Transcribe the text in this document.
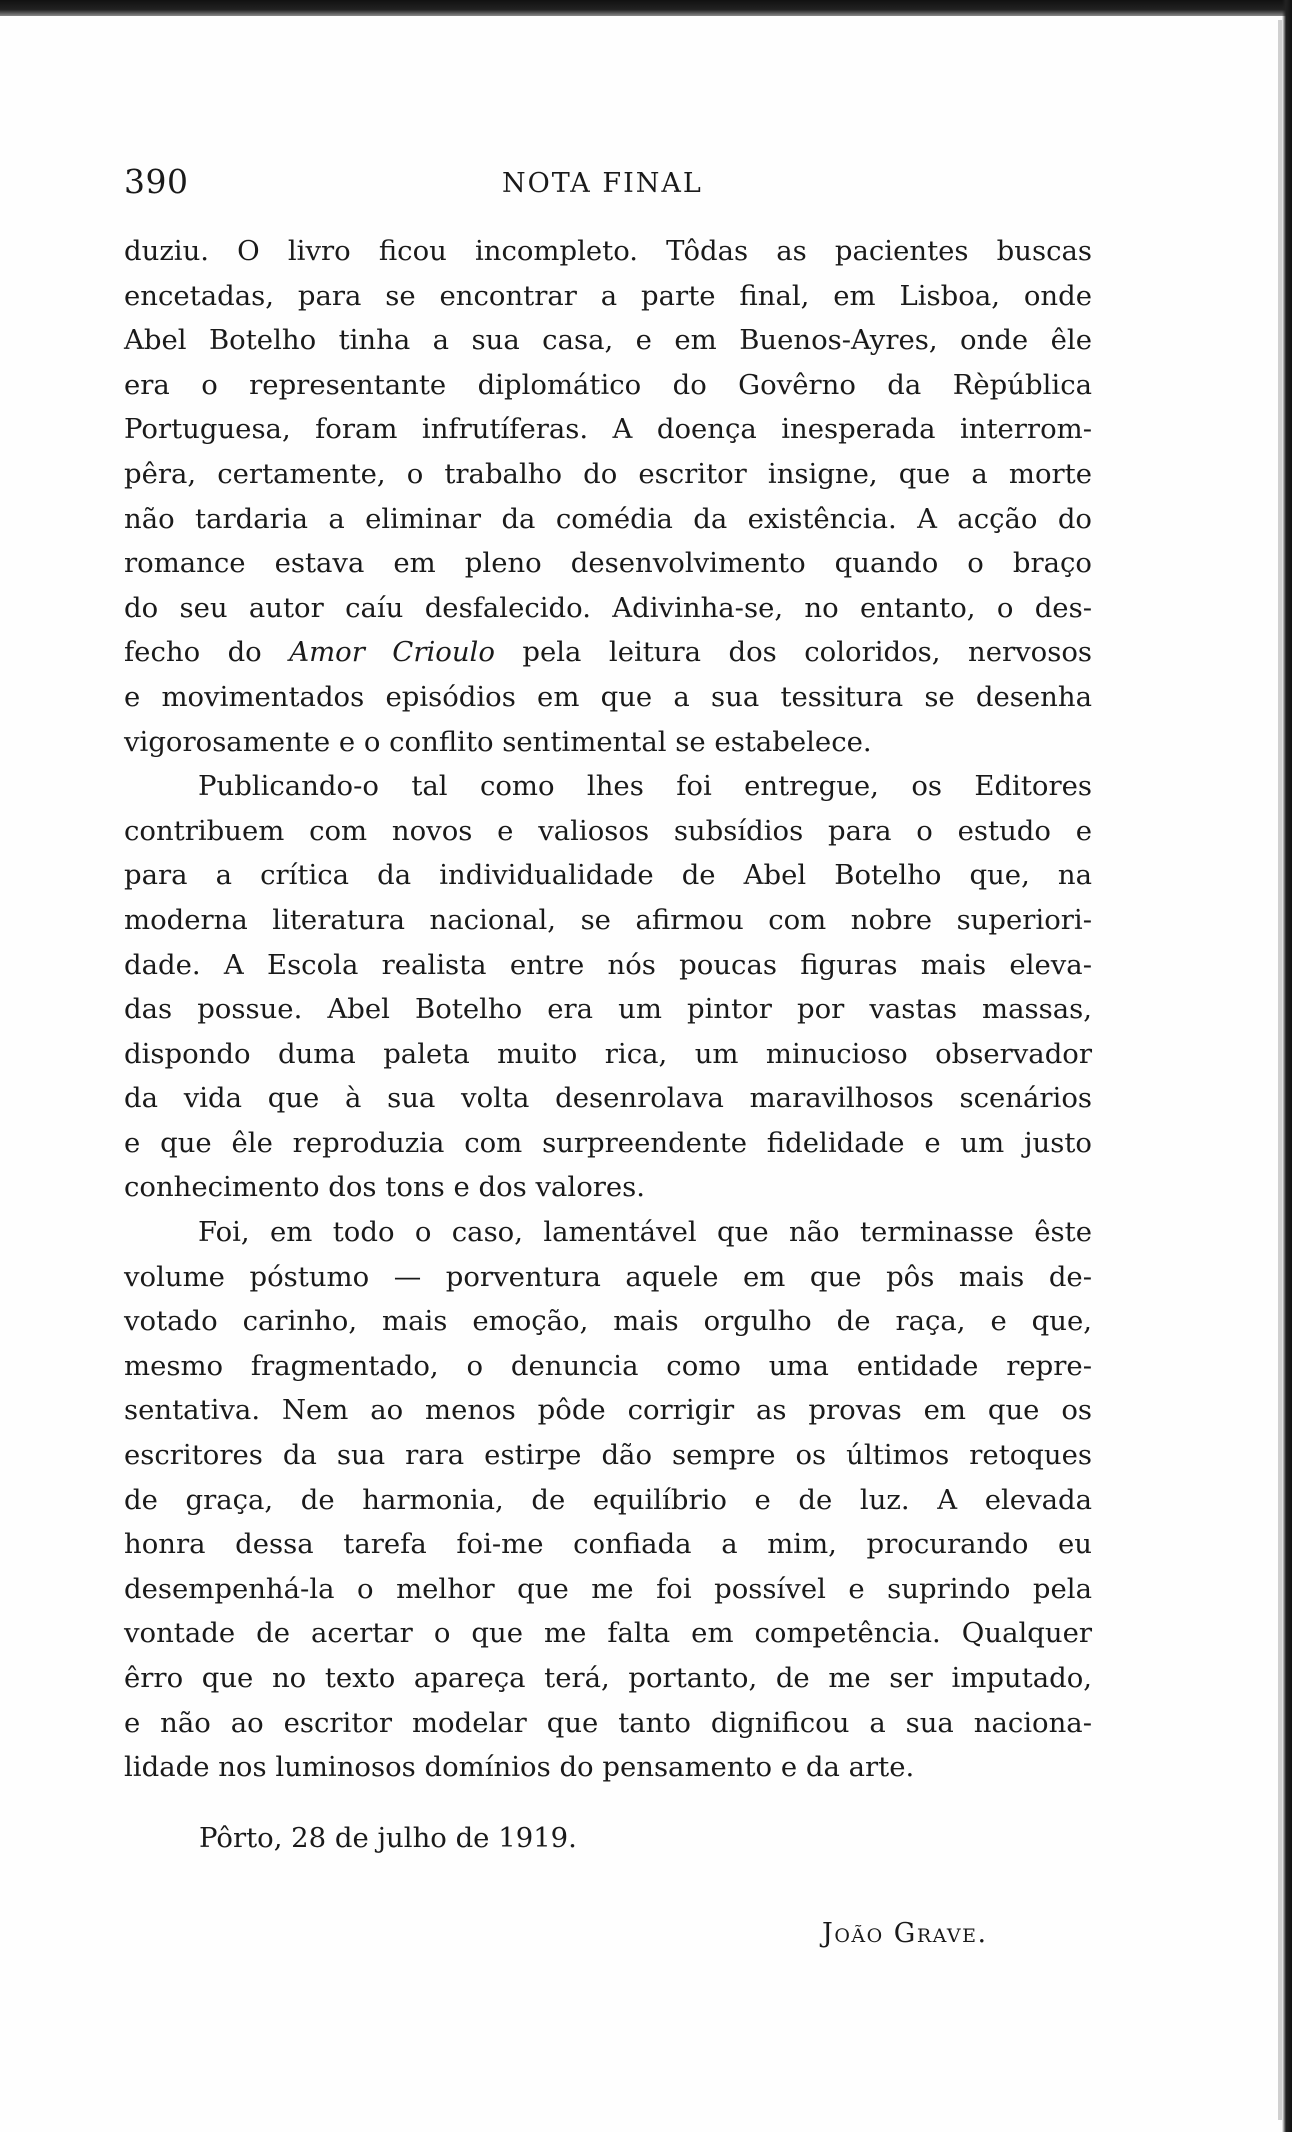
390	NOTA FINAL
duziu. O livro ficou incompleto. Tôdas as pacientes buscas
encetadas, para se encontrar a parte final, em Lisboa, onde
Abel Botelho tinha a sua casa, e em Buenos-Ayres, onde êle
era o representante diplomático do Govêrno da Rèpública
Portuguesa, foram infrutíferas. A doença inesperada interrom-
pêra, certamente, o trabalho do escritor insigne, que a morte
não tardaria a eliminar da comédia da existência. A acção do
romance estava em pleno desenvolvimento quando o braço
do seu autor caíu desfalecido. Adivinha-se, no entanto, o des-
fecho do Amor Crioulo pela leitura dos coloridos, nervosos
e movimentados episódios em que a sua tessitura se desenha
vigorosamente e o conflito sentimental se estabelece.
Publicando-o tal como lhes foi entregue, os Editores
contribuem com novos e valiosos subsídios para o estudo e
para a crítica da individualidade de Abel Botelho que, na
moderna literatura nacional, se afirmou com nobre superiori-
dade. A Escola realista entre nós poucas figuras mais eleva-
das possue. Abel Botelho era um pintor por vastas massas,
dispondo duma paleta muito rica, um minucioso observador
da vida que à sua volta desenrolava maravilhosos scenários
e que êle reproduzia com surpreendente fidelidade e um justo
conhecimento dos tons e dos valores.
Foi, em todo o caso, lamentável que não terminasse êste
volume póstumo — porventura aquele em que pôs mais de-
votado carinho, mais emoção, mais orgulho de raça, e que,
mesmo fragmentado, o denuncia como uma entidade repre-
sentativa. Nem ao menos pôde corrigir as provas em que os
escritores da sua rara estirpe dão sempre os últimos retoques
de graça, de harmonia, de equilíbrio e de luz. A elevada
honra dessa tarefa foi-me confiada a mim, procurando eu
desempenhá-la o melhor que me foi possível e suprindo pela
vontade de acertar o que me falta em competência. Qualquer
êrro que no texto apareça terá, portanto, de me ser imputado,
e não ao escritor modelar que tanto dignificou a sua naciona-
lidade nos luminosos domínios do pensamento e da arte.
Pôrto, 28 de julho de 1919.
João Grave.
